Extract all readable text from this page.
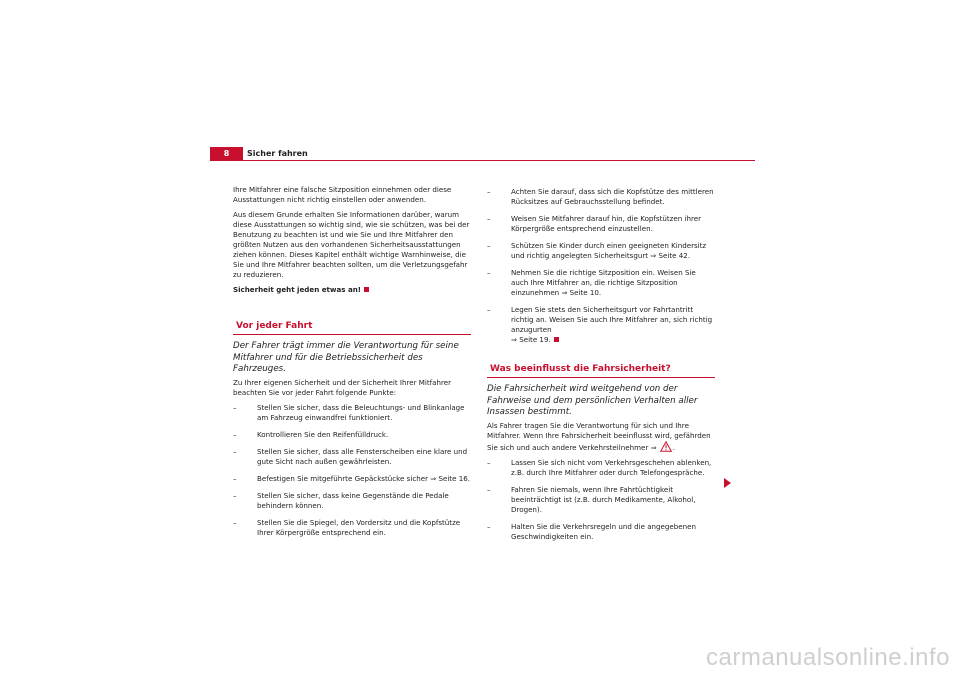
8	Sicher fahren

Ihre Mitfahrer eine falsche Sitzposition einnehmen oder diese Ausstattungen nicht richtig einstellen oder anwenden.

Aus diesem Grunde erhalten Sie Informationen darüber, warum diese Ausstattungen so wichtig sind, wie sie schützen, was bei der Benutzung zu beachten ist und wie Sie und Ihre Mitfahrer den größten Nutzen aus den vorhandenen Sicherheitsausstattungen ziehen können. Dieses Kapitel enthält wichtige Warnhinweise, die Sie und Ihre Mitfahrer beachten sollten, um die Verletzungsgefahr zu reduzieren.

Sicherheit geht jeden etwas an!

Vor jeder Fahrt

Der Fahrer trägt immer die Verantwortung für seine Mitfahrer und für die Betriebssicherheit des Fahrzeuges.

Zu Ihrer eigenen Sicherheit und der Sicherheit Ihrer Mitfahrer beachten Sie vor jeder Fahrt folgende Punkte:

– Stellen Sie sicher, dass die Beleuchtungs- und Blinkanlage am Fahrzeug einwandfrei funktioniert.
– Kontrollieren Sie den Reifenfülldruck.
– Stellen Sie sicher, dass alle Fensterscheiben eine klare und gute Sicht nach außen gewährleisten.
– Befestigen Sie mitgeführte Gepäckstücke sicher ⇒ Seite 16.
– Stellen Sie sicher, dass keine Gegenstände die Pedale behindern können.
– Stellen Sie die Spiegel, den Vordersitz und die Kopfstütze Ihrer Körpergröße entsprechend ein.
– Achten Sie darauf, dass sich die Kopfstütze des mittleren Rücksitzes auf Gebrauchsstellung befindet.
– Weisen Sie Mitfahrer darauf hin, die Kopfstützen ihrer Körpergröße entsprechend einzustellen.
– Schützen Sie Kinder durch einen geeigneten Kindersitz und richtig angelegten Sicherheitsgurt ⇒ Seite 42.
– Nehmen Sie die richtige Sitzposition ein. Weisen Sie auch Ihre Mitfahrer an, die richtige Sitzposition einzunehmen ⇒ Seite 10.
– Legen Sie stets den Sicherheitsgurt vor Fahrtantritt richtig an. Weisen Sie auch Ihre Mitfahrer an, sich richtig anzugurten
⇒ Seite 19.
Was beeinflusst die Fahrsicherheit?

Die Fahrsicherheit wird weitgehend von der Fahrweise und dem persönlichen Verhalten aller Insassen bestimmt.

Als Fahrer tragen Sie die Verantwortung für sich und Ihre Mitfahrer. Wenn Ihre Fahrsicherheit beeinflusst wird, gefährden Sie sich und auch andere Verkehrsteilnehmer ⇒ .

– Lassen Sie sich nicht vom Verkehrsgeschehen ablenken, z.B. durch Ihre Mitfahrer oder durch Telefongespräche.
– Fahren Sie niemals, wenn Ihre Fahrtüchtigkeit beeinträchtigt ist (z.B. durch Medikamente, Alkohol, Drogen).
– Halten Sie die Verkehrsregeln und die angegebenen Geschwindigkeiten ein.
carmanualsonline.info
